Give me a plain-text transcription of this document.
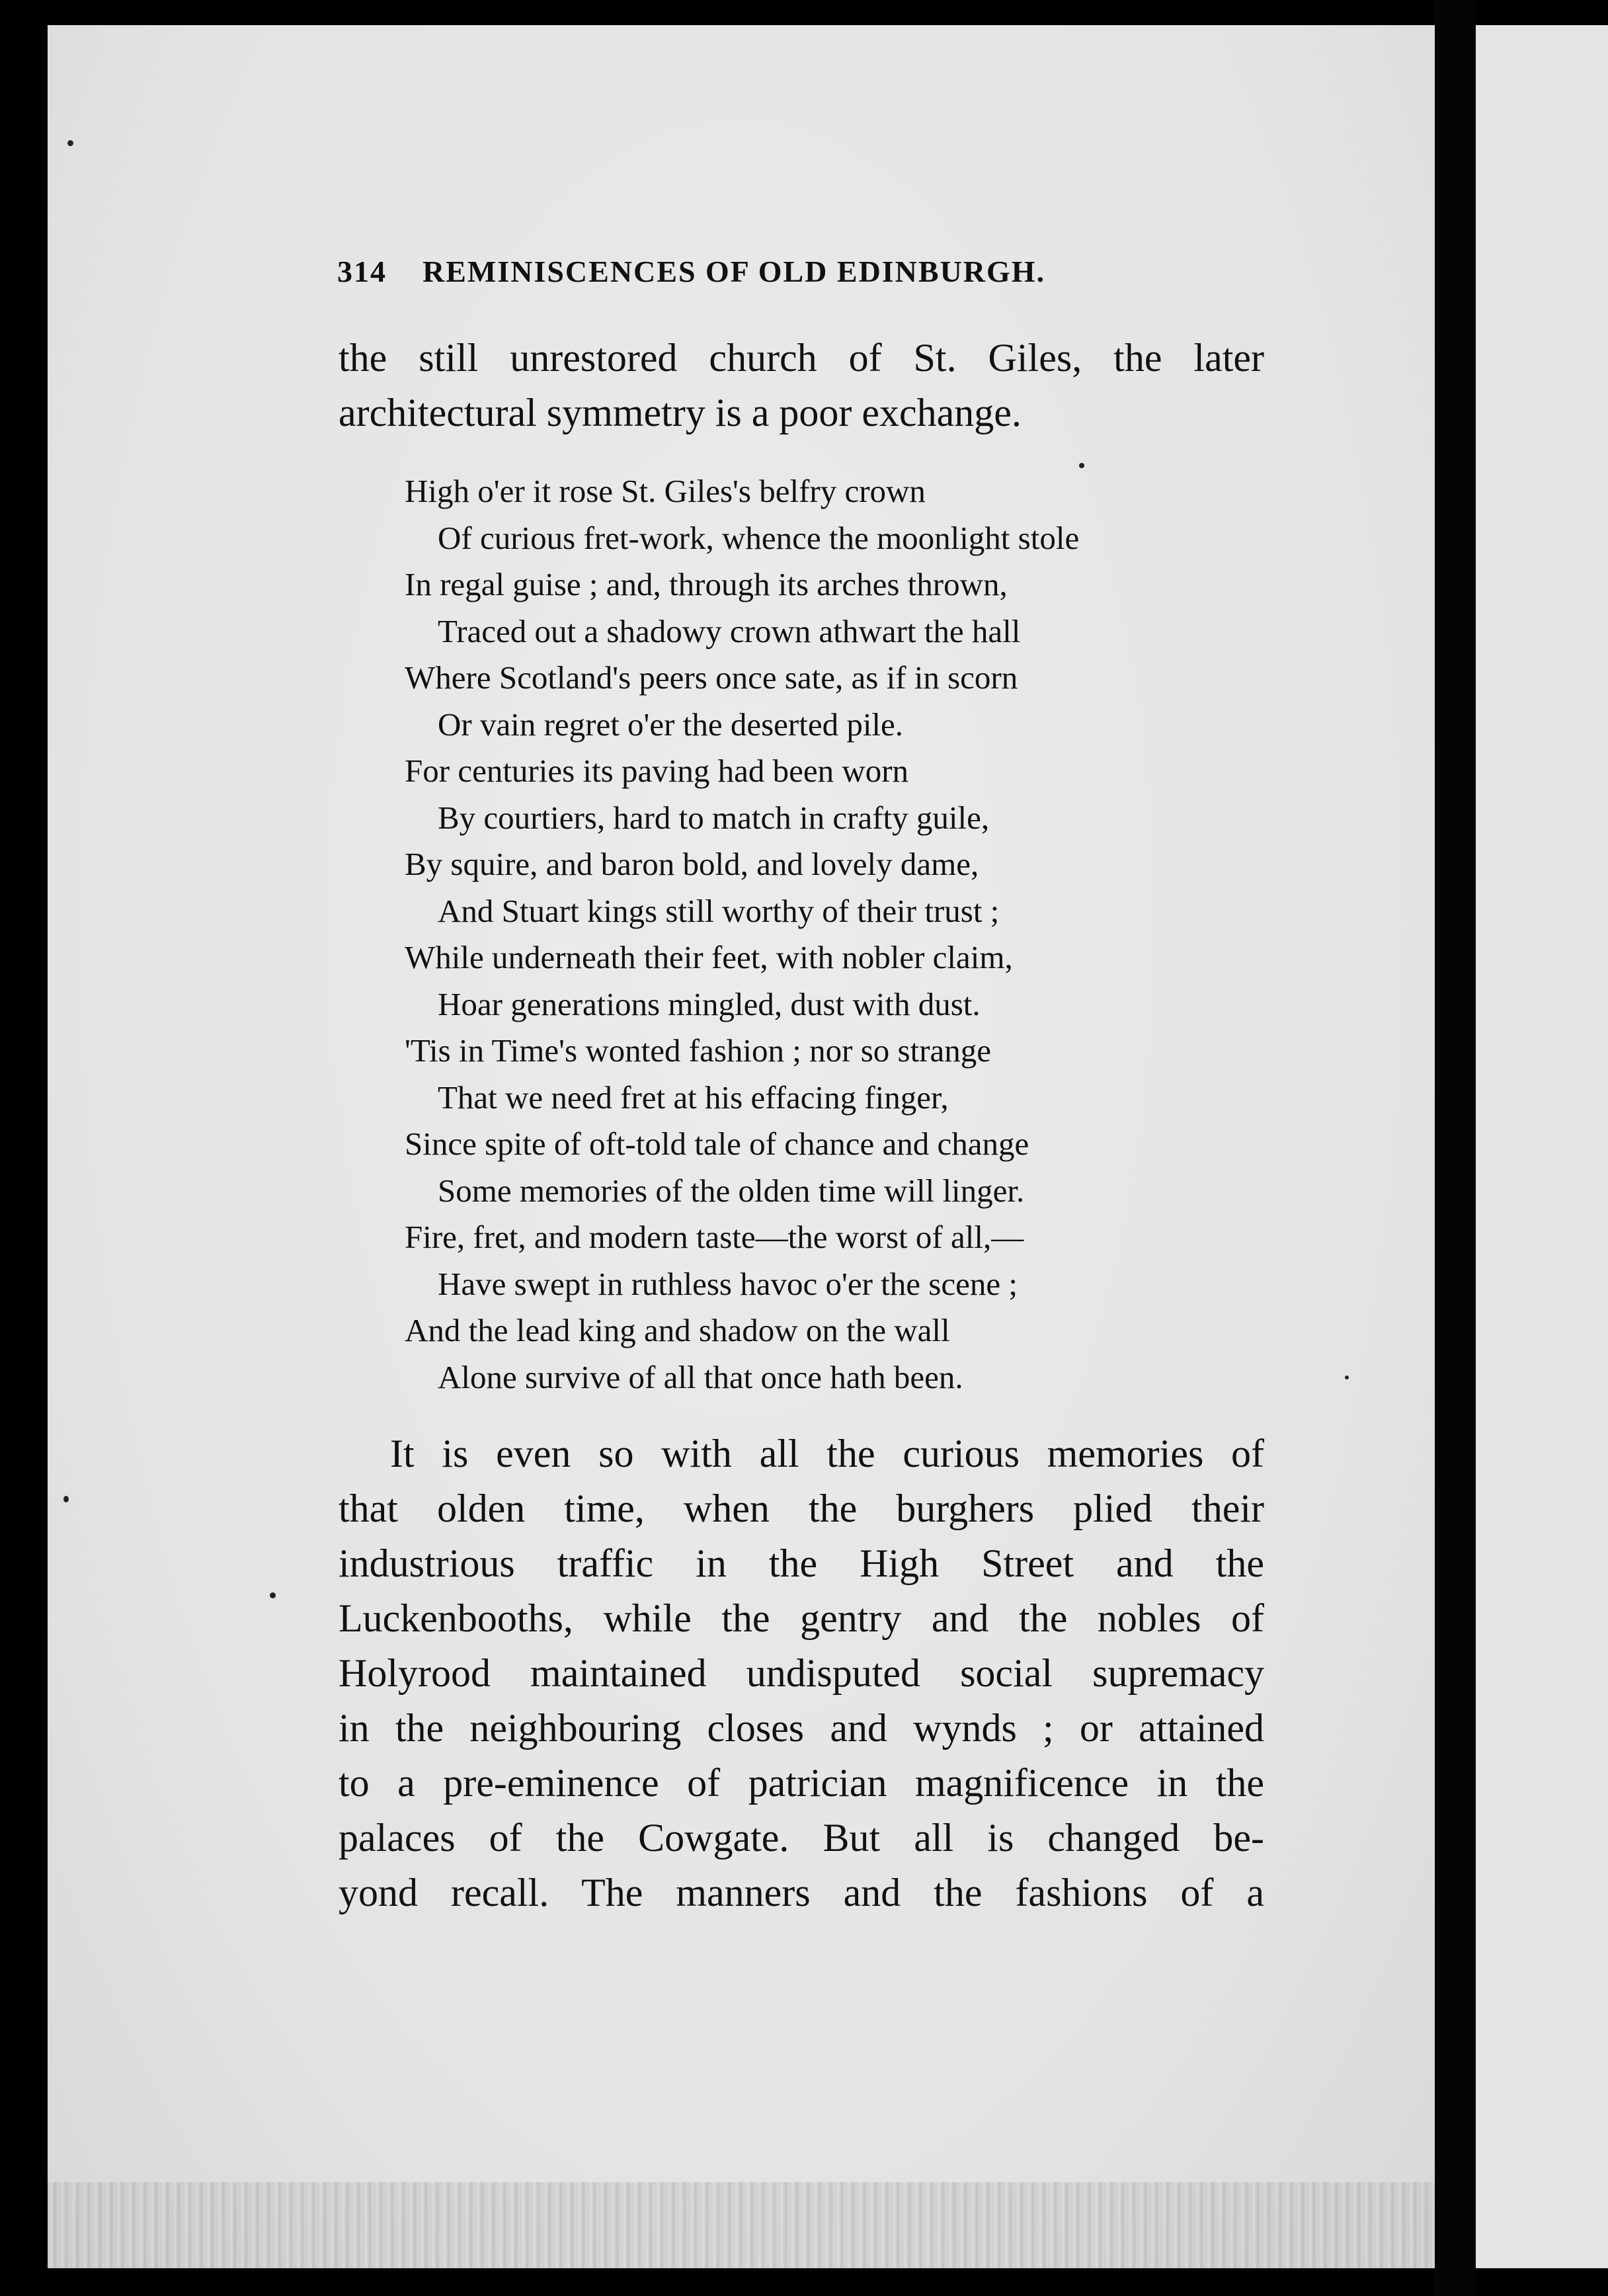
314 REMINISCENCES OF OLD EDINBURGH.
the still unrestored church of St. Giles, the later
architectural symmetry is a poor exchange.
High o'er it rose St. Giles's belfry crown
Of curious fret-work, whence the moonlight stole
In regal guise ; and, through its arches thrown,
Traced out a shadowy crown athwart the hall
Where Scotland's peers once sate, as if in scorn
Or vain regret o'er the deserted pile.
For centuries its paving had been worn
By courtiers, hard to match in crafty guile,
By squire, and baron bold, and lovely dame,
And Stuart kings still worthy of their trust ;
While underneath their feet, with nobler claim,
Hoar generations mingled, dust with dust.
'Tis in Time's wonted fashion ; nor so strange
That we need fret at his effacing finger,
Since spite of oft-told tale of chance and change
Some memories of the olden time will linger.
Fire, fret, and modern taste—the worst of all,—
Have swept in ruthless havoc o'er the scene ;
And the lead king and shadow on the wall
Alone survive of all that once hath been.
It is even so with all the curious memories of
that olden time, when the burghers plied their
industrious traffic in the High Street and the
Luckenbooths, while the gentry and the nobles of
Holyrood maintained undisputed social supremacy
in the neighbouring closes and wynds ; or attained
to a pre-eminence of patrician magnificence in the
palaces of the Cowgate. But all is changed be-
yond recall. The manners and the fashions of a
